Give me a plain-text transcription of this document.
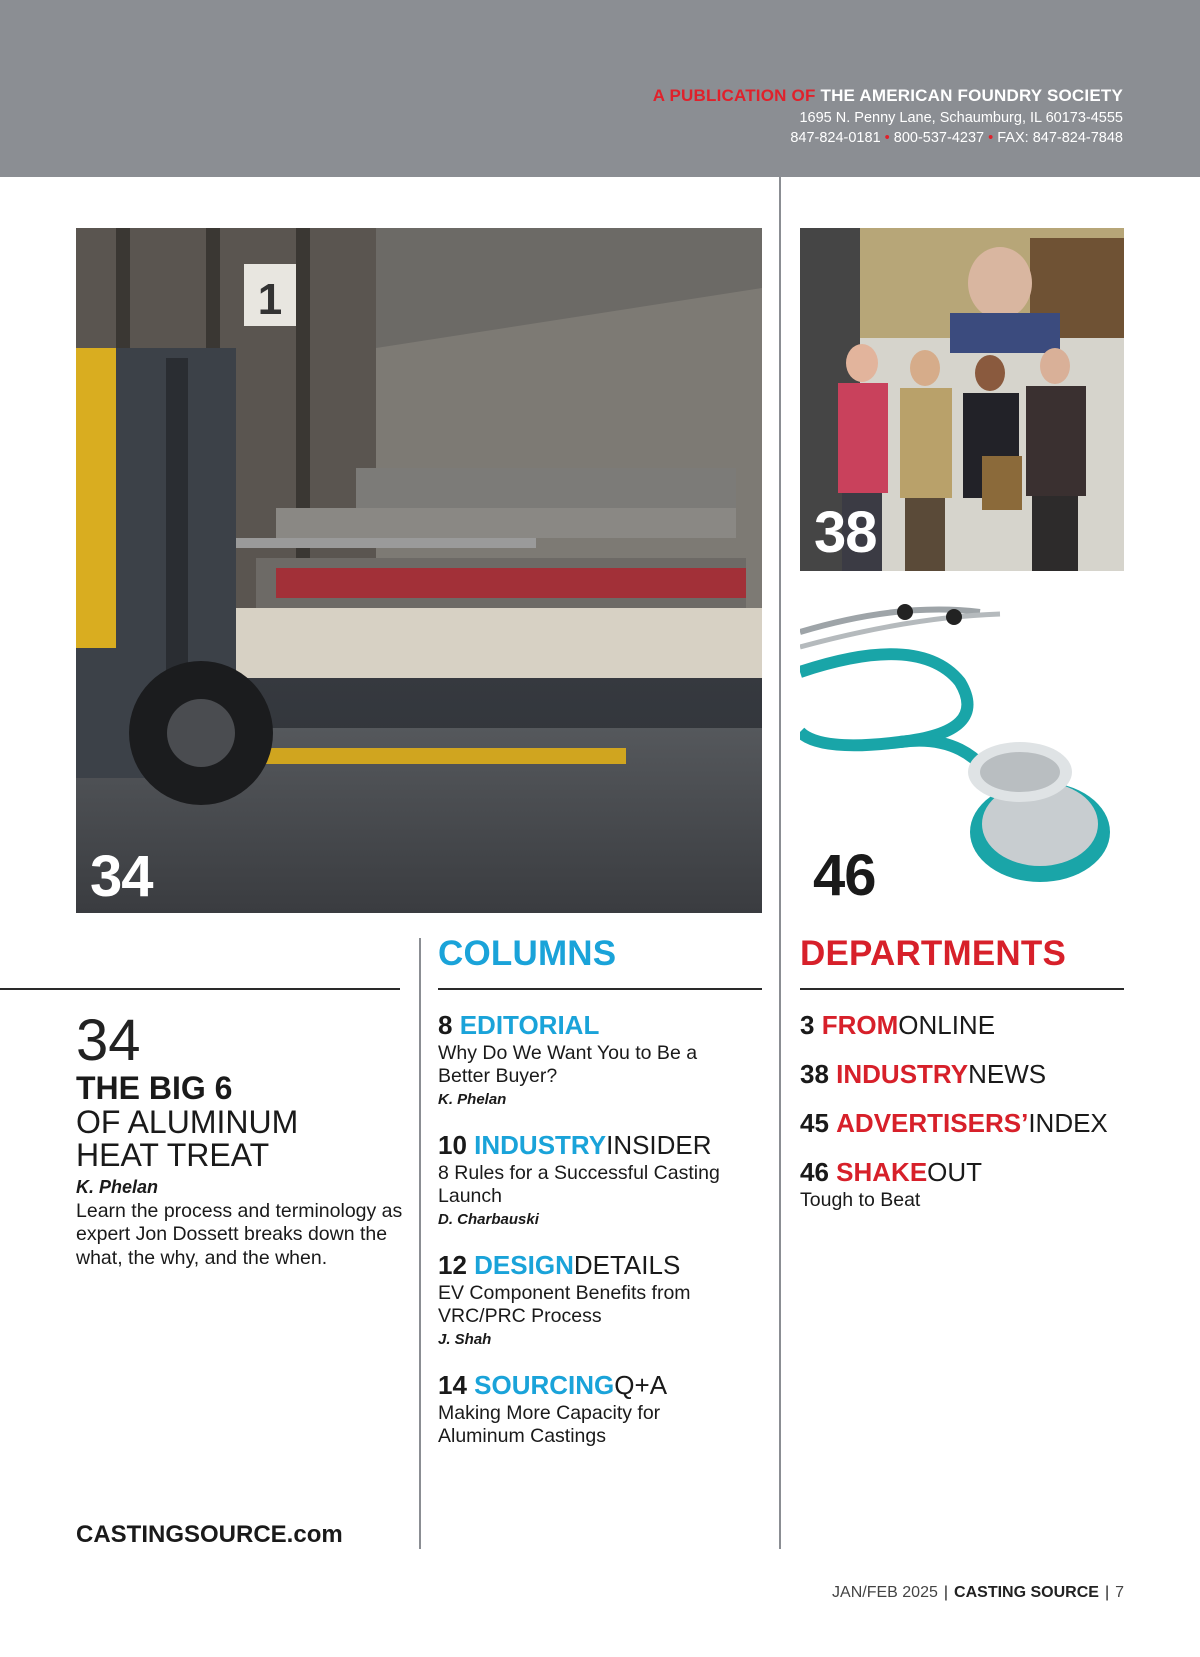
A PUBLICATION OF THE AMERICAN FOUNDRY SOCIETY
1695 N. Penny Lane, Schaumburg, IL 60173-4555
847-824-0181 • 800-537-4237 • FAX: 847-824-7848
1
34
38
46
COLUMNS	DEPARTMENTS
34
THE BIG 6
OF ALUMINUM
HEAT TREAT
K. Phelan
Learn the process and terminology as expert Jon Dossett breaks down the what, the why, and the when.
8 EDITORIAL
Why Do We Want You to Be a Better Buyer?
K. Phelan
10 INDUSTRYINSIDER
8 Rules for a Successful Casting Launch
D. Charbauski
12 DESIGNDETAILS
EV Component Benefits from VRC/PRC Process
J. Shah
14 SOURCINGQ+A
Making More Capacity for Aluminum Castings
3 FROMONLINE
38 INDUSTRYNEWS
45 ADVERTISERS’INDEX
46 SHAKEOUT
Tough to Beat
CASTINGSOURCE.com
JAN/FEB 2025 | CASTING SOURCE | 7
